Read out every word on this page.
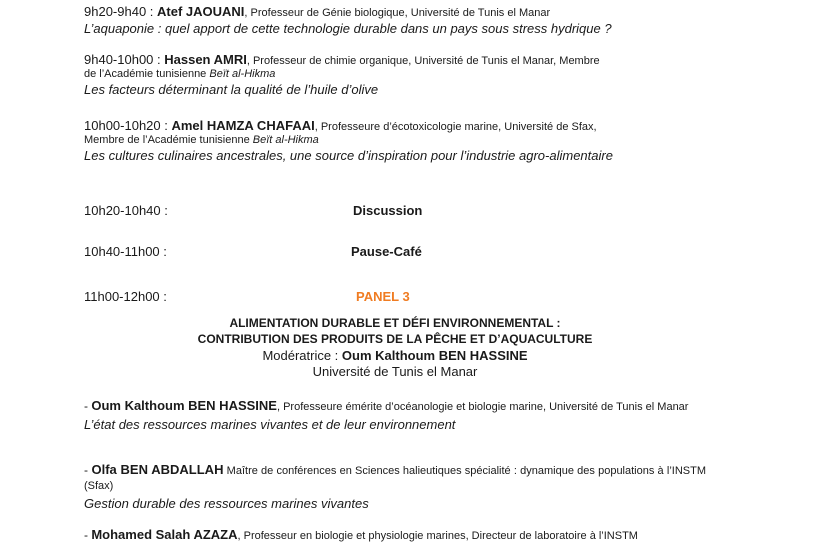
9h20-9h40 : Atef JAOUANI, Professeur de Génie biologique, Université de Tunis el Manar
L’aquaponie : quel apport de cette technologie durable dans un pays sous stress hydrique ?
9h40-10h00 : Hassen AMRI, Professeur de chimie organique, Université de Tunis el Manar, Membre
de l’Académie tunisienne Beït al-Hikma
Les facteurs déterminant la qualité de l’huile d’olive
10h00-10h20 : Amel HAMZA CHAFAAI, Professeure d’écotoxicologie marine, Université de Sfax,
Membre de l’Académie tunisienne Beït al-Hikma
Les cultures culinaires ancestrales, une source d’inspiration pour l’industrie agro-alimentaire
10h20-10h40 :	Discussion
10h40-11h00 :	Pause-Café
11h00-12h00 :	PANEL 3
ALIMENTATION DURABLE ET DÉFI ENVIRONNEMENTAL :
CONTRIBUTION DES PRODUITS DE LA PÊCHE ET D’AQUACULTURE
Modératrice : Oum Kalthoum BEN HASSINE
Université de Tunis el Manar
- Oum Kalthoum BEN HASSINE, Professeure émérite d’océanologie et biologie marine, Université de Tunis el Manar
L’état des ressources marines vivantes et de leur environnement
- Olfa BEN ABDALLAH Maître de conférences en Sciences halieutiques spécialité : dynamique des populations à l’INSTM (Sfax)
Gestion durable des ressources marines vivantes
- Mohamed Salah AZAZA, Professeur en biologie et physiologie marines, Directeur de laboratoire à l’INSTM
